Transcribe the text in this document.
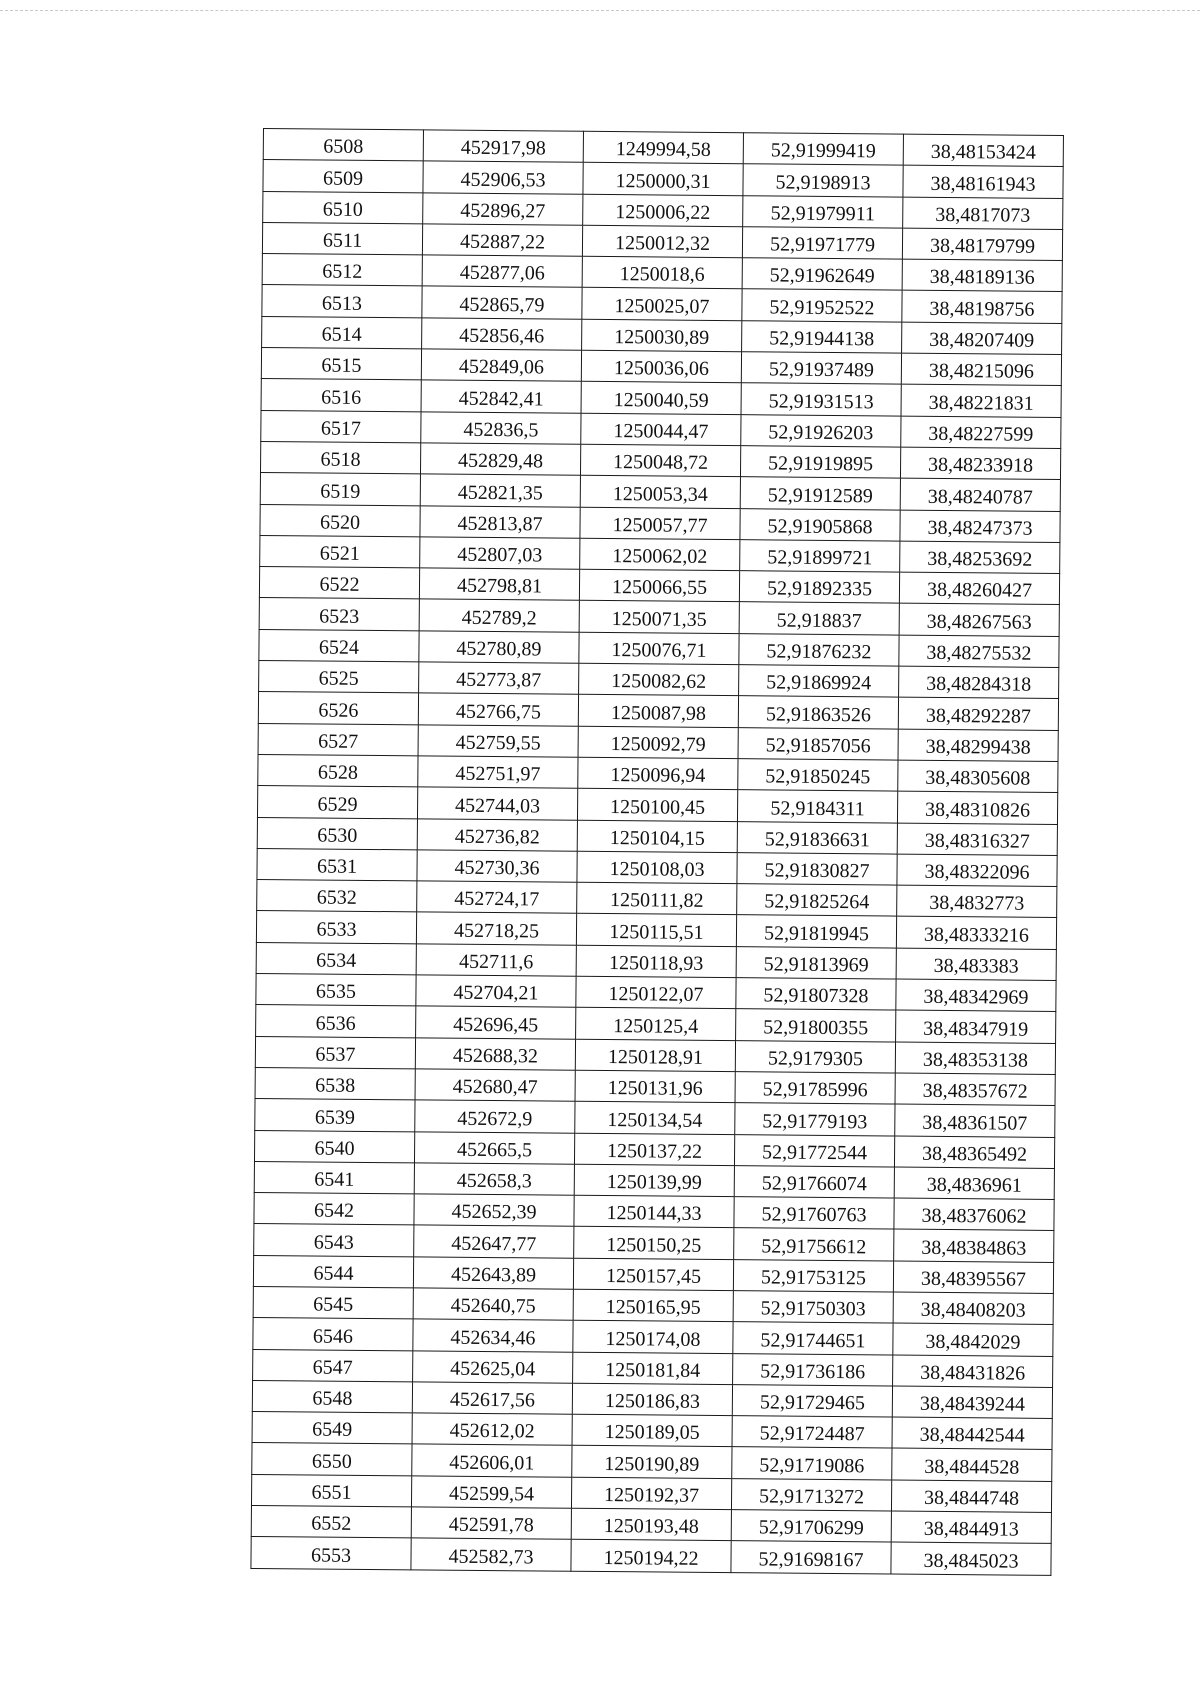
6508	452917,98	1249994,58	52,91999419	38,48153424
6509	452906,53	1250000,31	52,9198913	38,48161943
6510	452896,27	1250006,22	52,91979911	38,4817073
6511	452887,22	1250012,32	52,91971779	38,48179799
6512	452877,06	1250018,6	52,91962649	38,48189136
6513	452865,79	1250025,07	52,91952522	38,48198756
6514	452856,46	1250030,89	52,91944138	38,48207409
6515	452849,06	1250036,06	52,91937489	38,48215096
6516	452842,41	1250040,59	52,91931513	38,48221831
6517	452836,5	1250044,47	52,91926203	38,48227599
6518	452829,48	1250048,72	52,91919895	38,48233918
6519	452821,35	1250053,34	52,91912589	38,48240787
6520	452813,87	1250057,77	52,91905868	38,48247373
6521	452807,03	1250062,02	52,91899721	38,48253692
6522	452798,81	1250066,55	52,91892335	38,48260427
6523	452789,2	1250071,35	52,918837	38,48267563
6524	452780,89	1250076,71	52,91876232	38,48275532
6525	452773,87	1250082,62	52,91869924	38,48284318
6526	452766,75	1250087,98	52,91863526	38,48292287
6527	452759,55	1250092,79	52,91857056	38,48299438
6528	452751,97	1250096,94	52,91850245	38,48305608
6529	452744,03	1250100,45	52,9184311	38,48310826
6530	452736,82	1250104,15	52,91836631	38,48316327
6531	452730,36	1250108,03	52,91830827	38,48322096
6532	452724,17	1250111,82	52,91825264	38,4832773
6533	452718,25	1250115,51	52,91819945	38,48333216
6534	452711,6	1250118,93	52,91813969	38,483383
6535	452704,21	1250122,07	52,91807328	38,48342969
6536	452696,45	1250125,4	52,91800355	38,48347919
6537	452688,32	1250128,91	52,9179305	38,48353138
6538	452680,47	1250131,96	52,91785996	38,48357672
6539	452672,9	1250134,54	52,91779193	38,48361507
6540	452665,5	1250137,22	52,91772544	38,48365492
6541	452658,3	1250139,99	52,91766074	38,4836961
6542	452652,39	1250144,33	52,91760763	38,48376062
6543	452647,77	1250150,25	52,91756612	38,48384863
6544	452643,89	1250157,45	52,91753125	38,48395567
6545	452640,75	1250165,95	52,91750303	38,48408203
6546	452634,46	1250174,08	52,91744651	38,4842029
6547	452625,04	1250181,84	52,91736186	38,48431826
6548	452617,56	1250186,83	52,91729465	38,48439244
6549	452612,02	1250189,05	52,91724487	38,48442544
6550	452606,01	1250190,89	52,91719086	38,4844528
6551	452599,54	1250192,37	52,91713272	38,4844748
6552	452591,78	1250193,48	52,91706299	38,4844913
6553	452582,73	1250194,22	52,91698167	38,4845023
